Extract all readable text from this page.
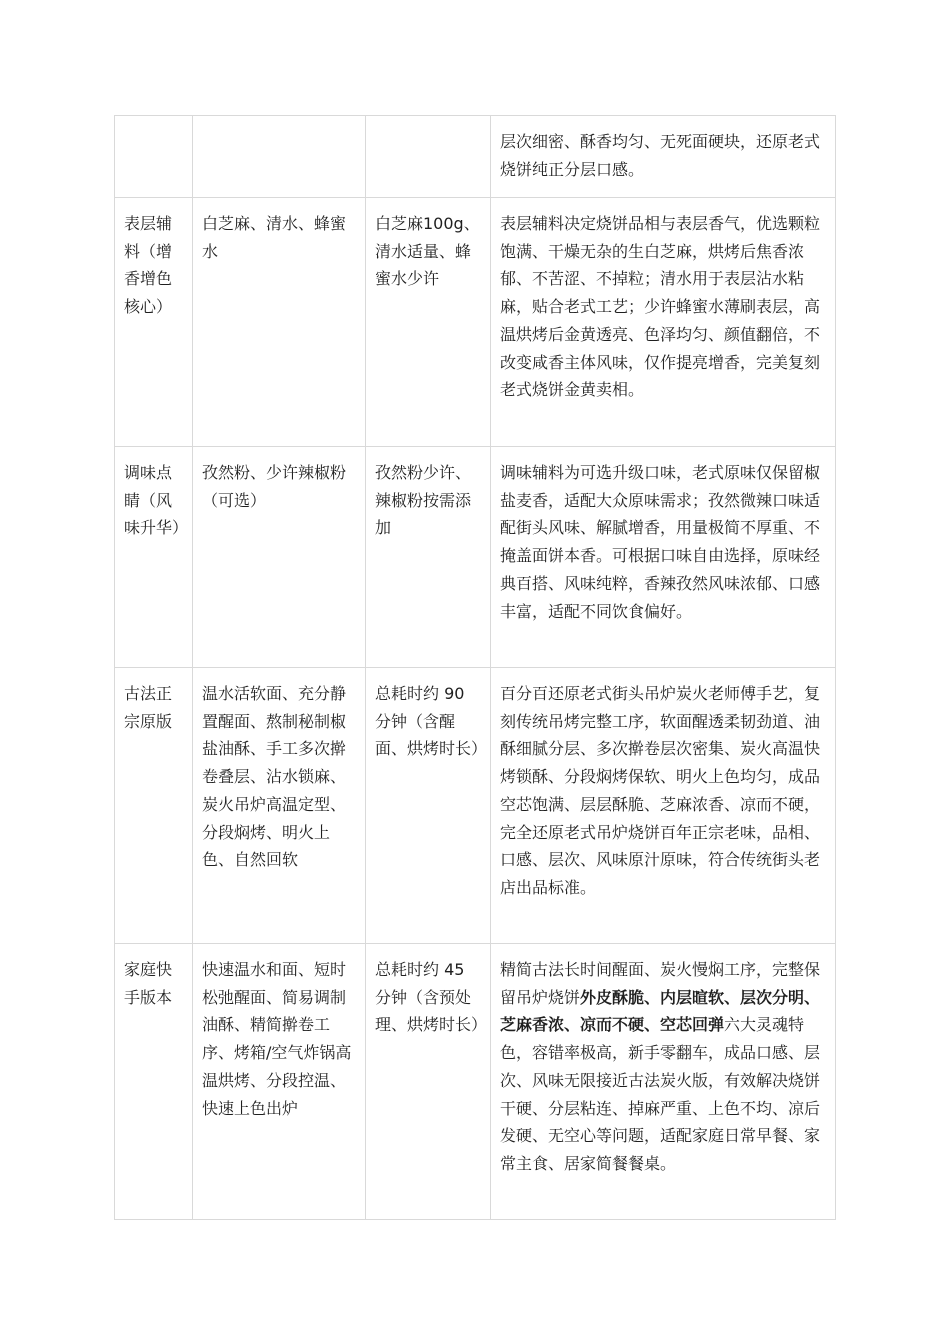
			层次细密、酥香均匀、无死面硬块，还原老式烧饼纯正分层口感。
表层辅料（增香增色核心）	白芝麻、清水、蜂蜜水	白芝麻100g、清水适量、蜂蜜水少许	表层辅料决定烧饼品相与表层香气，优选颗粒饱满、干燥无杂的生白芝麻，烘烤后焦香浓郁、不苦涩、不掉粒；清水用于表层沾水粘麻，贴合老式工艺；少许蜂蜜水薄刷表层，高温烘烤后金黄透亮、色泽均匀、颜值翻倍，不改变咸香主体风味，仅作提亮增香，完美复刻老式烧饼金黄卖相。
调味点睛（风味升华）	孜然粉、少许辣椒粉（可选）	孜然粉少许、辣椒粉按需添加	调味辅料为可选升级口味，老式原味仅保留椒盐麦香，适配大众原味需求；孜然微辣口味适配街头风味、解腻增香，用量极简不厚重、不掩盖面饼本香。可根据口味自由选择，原味经典百搭、风味纯粹，香辣孜然风味浓郁、口感丰富，适配不同饮食偏好。
古法正宗原版	温水活软面、充分静置醒面、熬制秘制椒盐油酥、手工多次擀卷叠层、沾水锁麻、炭火吊炉高温定型、分段焖烤、明火上色、自然回软	总耗时约 90 分钟（含醒面、烘烤时长）	百分百还原老式街头吊炉炭火老师傅手艺，复刻传统吊烤完整工序，软面醒透柔韧劲道、油酥细腻分层、多次擀卷层次密集、炭火高温快烤锁酥、分段焖烤保软、明火上色均匀，成品空芯饱满、层层酥脆、芝麻浓香、凉而不硬，完全还原老式吊炉烧饼百年正宗老味，品相、口感、层次、风味原汁原味，符合传统街头老店出品标准。
家庭快手版本	快速温水和面、短时松弛醒面、简易调制油酥、精简擀卷工序、烤箱/空气炸锅高温烘烤、分段控温、快速上色出炉	总耗时约 45 分钟（含预处理、烘烤时长）	精简古法长时间醒面、炭火慢焖工序，完整保留吊炉烧饼外皮酥脆、内层暄软、层次分明、芝麻香浓、凉而不硬、空芯回弹六大灵魂特色，容错率极高，新手零翻车，成品口感、层次、风味无限接近古法炭火版，有效解决烧饼干硬、分层粘连、掉麻严重、上色不均、凉后发硬、无空心等问题，适配家庭日常早餐、家常主食、居家简餐餐桌。
